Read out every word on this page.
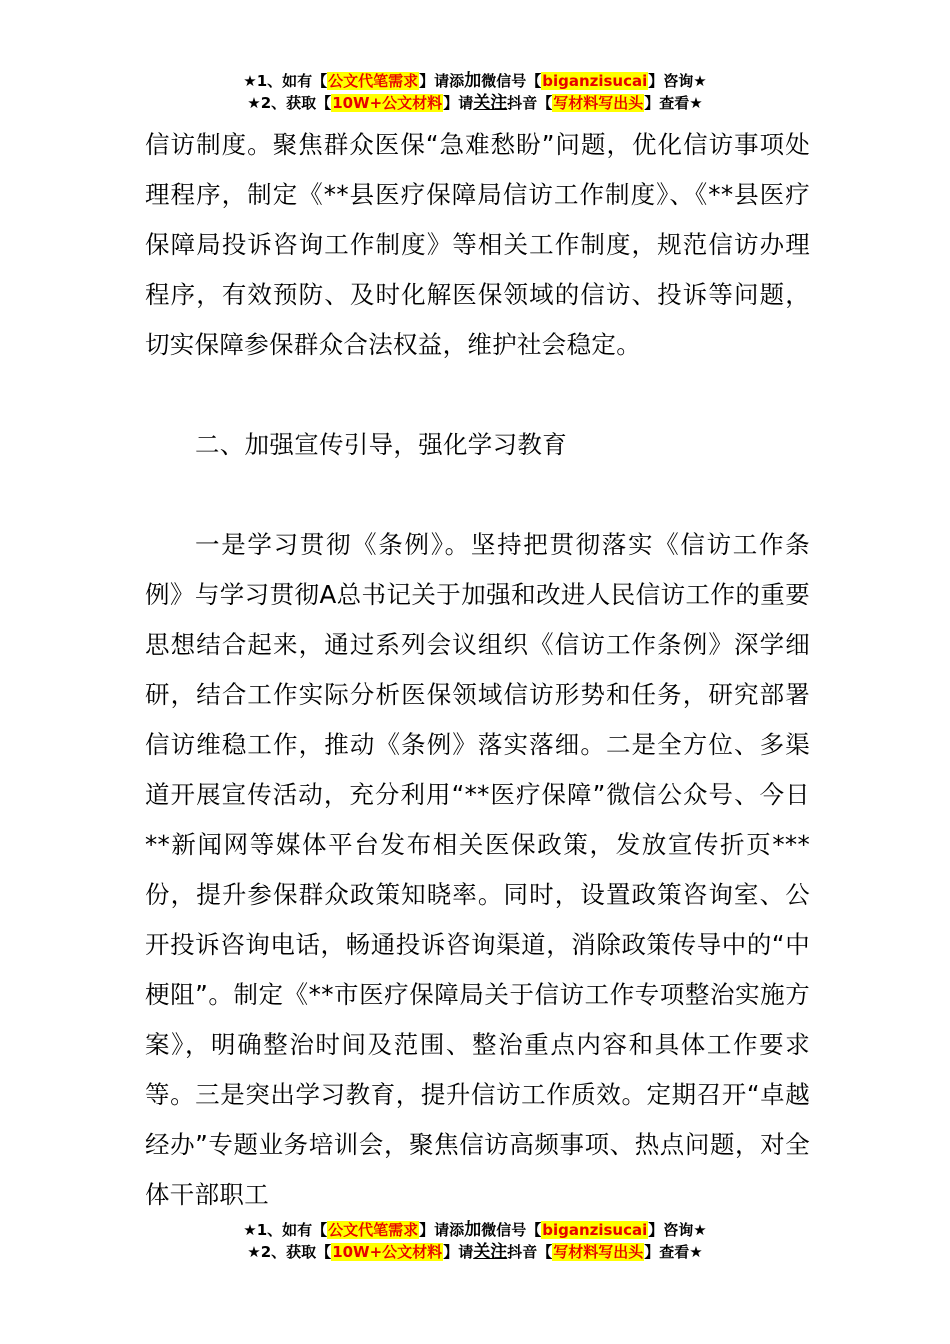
★1、如有【公文代笔需求】请添加微信号【biganzisucai】咨询★
★2、获取【10W+公文材料】请关注抖音【写材料写出头】查看★

信访制度。聚焦群众医保“急难愁盼”问题，优化信访事项处理程序，制定《**县医疗保障局信访工作制度》、《**县医疗保障局投诉咨询工作制度》等相关工作制度，规范信访办理程序，有效预防、及时化解医保领域的信访、投诉等问题，切实保障参保群众合法权益，维护社会稳定。

二、加强宣传引导，强化学习教育

一是学习贯彻《条例》。坚持把贯彻落实《信访工作条例》与学习贯彻A总书记关于加强和改进人民信访工作的重要思想结合起来，通过系列会议组织《信访工作条例》深学细研，结合工作实际分析医保领域信访形势和任务，研究部署信访维稳工作，推动《条例》落实落细。二是全方位、多渠道开展宣传活动，充分利用“**医疗保障”微信公众号、今日**新闻网等媒体平台发布相关医保政策，发放宣传折页***份，提升参保群众政策知晓率。同时，设置政策咨询室、公开投诉咨询电话，畅通投诉咨询渠道，消除政策传导中的“中梗阻”。制定《**市医疗保障局关于信访工作专项整治实施方案》，明确整治时间及范围、整治重点内容和具体工作要求等。三是突出学习教育，提升信访工作质效。定期召开“卓越经办”专题业务培训会，聚焦信访高频事项、热点问题，对全体干部职工

★1、如有【公文代笔需求】请添加微信号【biganzisucai】咨询★
★2、获取【10W+公文材料】请关注抖音【写材料写出头】查看★
